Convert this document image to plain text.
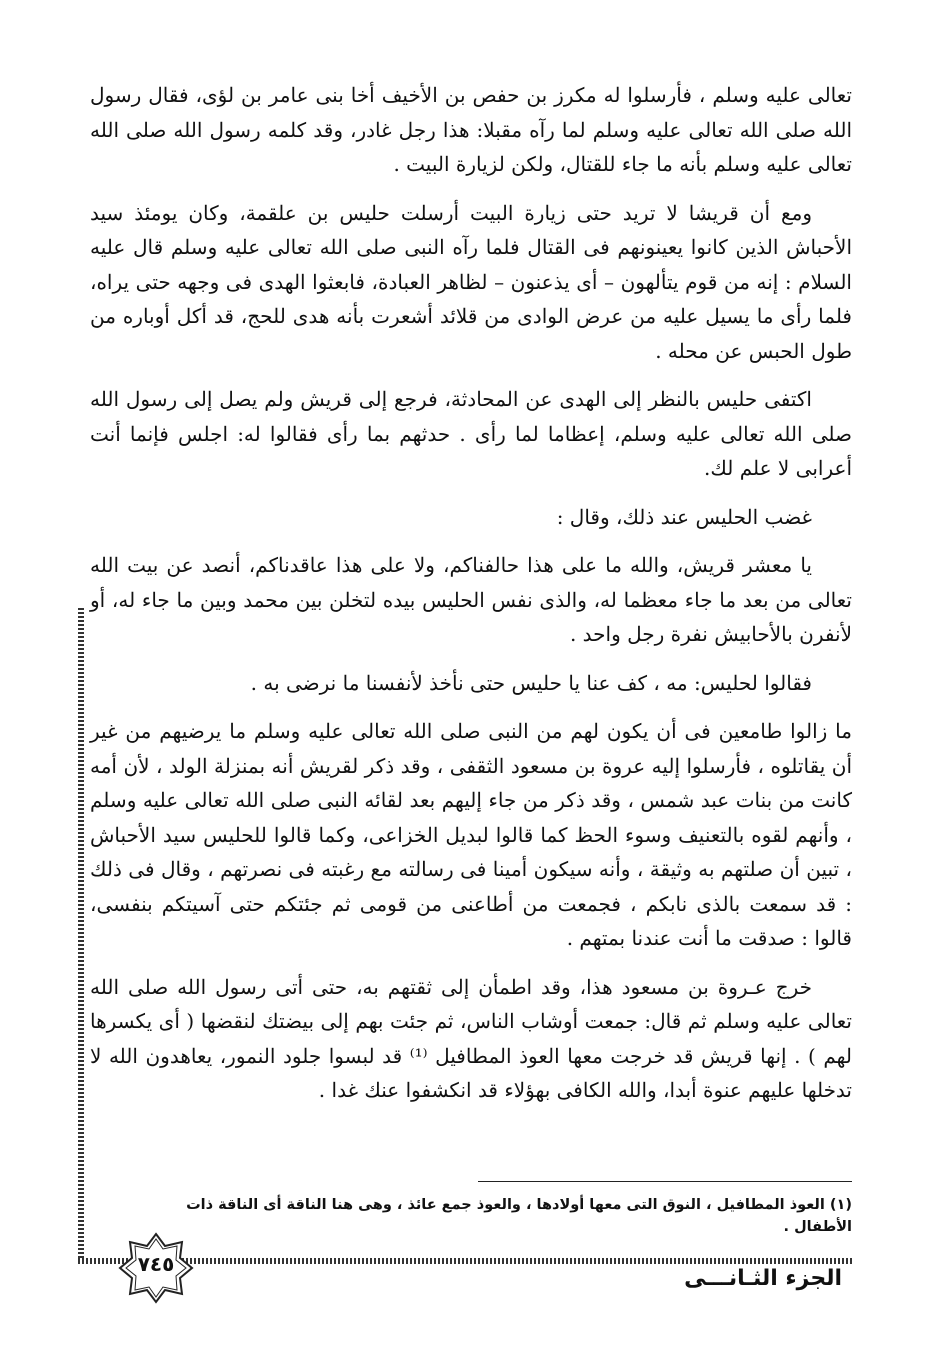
تعالى عليه وسلم ، فأرسلوا له مكرز بن حفص بن الأخيف أخا بنى عامر بن لؤى، فقال رسول الله صلى الله تعالى عليه وسلم لما رآه مقبلا: هذا رجل غادر، وقد كلمه رسول الله صلى الله تعالى عليه وسلم بأنه ما جاء للقتال، ولكن لزيارة البيت .

ومع أن قريشا لا تريد حتى زيارة البيت أرسلت حليس بن علقمة، وكان يومئذ سيد الأحباش الذين كانوا يعينونهم فى القتال فلما رآه النبى صلى الله تعالى عليه وسلم قال عليه السلام : إنه من قوم يتألهون – أى يذعنون – لظاهر العبادة، فابعثوا الهدى فى وجهه حتى يراه، فلما رأى ما يسيل عليه من عرض الوادى من قلائد أشعرت بأنه هدى للحج، قد أكل أوباره من طول الحبس عن محله .

اكتفى حليس بالنظر إلى الهدى عن المحادثة، فرجع إلى قريش ولم يصل إلى رسول الله صلى الله تعالى عليه وسلم، إعظاما لما رأى . حدثهم بما رأى فقالوا له: اجلس فإنما أنت أعرابى لا علم لك.

غضب الحليس عند ذلك، وقال :

يا معشر قريش، والله ما على هذا حالفناكم، ولا على هذا عاقدناكم، أنصد عن بيت الله تعالى من بعد ما جاء معظما له، والذى نفس الحليس بيده لتخلن بين محمد وبين ما جاء له، أو لأنفرن بالأحابيش نفرة رجل واحد .

فقالوا لحليس: مه ، كف عنا يا حليس حتى نأخذ لأنفسنا ما نرضى به .

ما زالوا طامعين فى أن يكون لهم من النبى صلى الله تعالى عليه وسلم ما يرضيهم من غير أن يقاتلوه ، فأرسلوا إليه عروة بن مسعود الثقفى ، وقد ذكر لقريش أنه بمنزلة الولد ، لأن أمه كانت من بنات عبد شمس ، وقد ذكر من جاء إليهم بعد لقائه النبى صلى الله تعالى عليه وسلم ، وأنهم لقوه بالتعنيف وسوء الحظ كما قالوا لبديل الخزاعى، وكما قالوا للحليس سيد الأحباش ، تبين أن صلتهم به وثيقة ، وأنه سيكون أمينا فى رسالته مع رغبته فى نصرتهم ، وقال فى ذلك : قد سمعت بالذى نابكم ، فجمعت من أطاعنى من قومى ثم جئتكم حتى آسيتكم بنفسى، قالوا : صدقت ما أنت عندنا بمتهم .

خرج عـروة بن مسعود هذا، وقد اطمأن إلى ثقتهم به، حتى أتى رسول الله صلى الله تعالى عليه وسلم ثم قال: جمعت أوشاب الناس، ثم جئت بهم إلى بيضتك لنقضها ( أى يكسرها لهم ) . إنها قريش قد خرجت معها العوذ المطافيل ⁽¹⁾ قد لبسوا جلود النمور، يعاهدون الله لا تدخلها عليهم عنوة أبدا، والله الكافى بهؤلاء قد انكشفوا عنك غدا .

(١) العوذ المطافيل ، النوق التى معها أولادها ، والعوذ جمع عائذ ، وهى هنا الناقة أى الناقة ذات الأطفال .
٧٤٥
الجزء الثـانـــى
